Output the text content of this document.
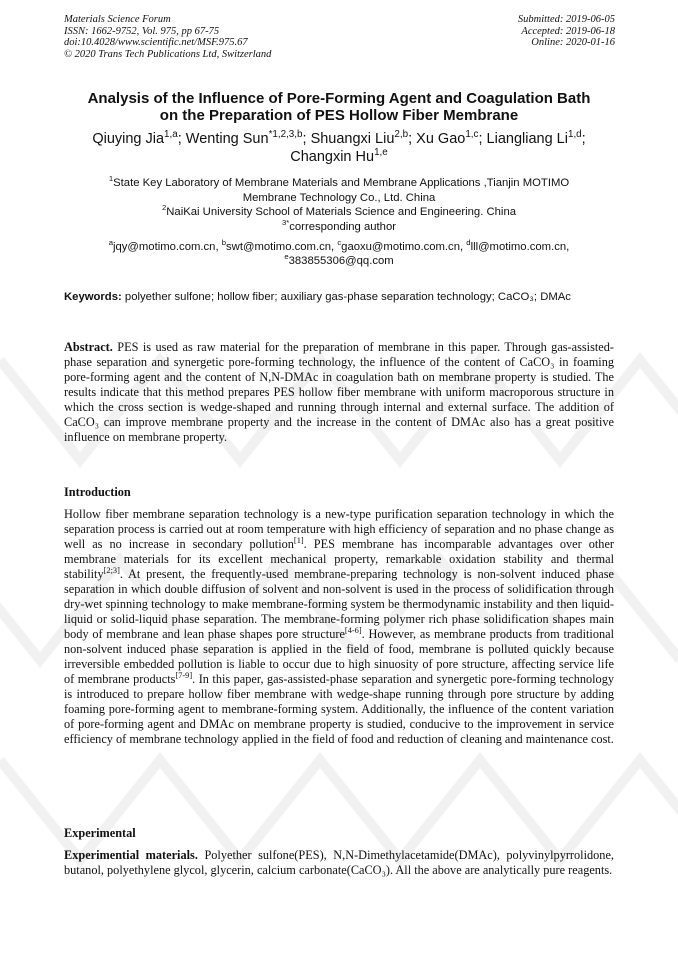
Materials Science Forum
ISSN: 1662-9752, Vol. 975, pp 67-75
doi:10.4028/www.scientific.net/MSF.975.67
© 2020 Trans Tech Publications Ltd, Switzerland
Submitted: 2019-06-05
Accepted: 2019-06-18
Online: 2020-01-16
Analysis of the Influence of Pore-Forming Agent and Coagulation Bath
on the Preparation of PES Hollow Fiber Membrane
Qiuying Jia$^{1,a}$; Wenting Sun$^{*1,2,3,b}$; Shuangxi Liu$^{2,b}$; Xu Gao$^{1,c}$; Liangliang Li$^{1,d}$;
Changxin Hu$^{1,e}$
$^1$State Key Laboratory of Membrane Materials and Membrane Applications ,Tianjin MOTIMO
Membrane Technology Co., Ltd. China
$^2$NaiKai University School of Materials Science and Engineering. China
$^{3*}$corresponding author
$^a$jqy@motimo.com.cn, $^b$swt@motimo.com.cn, $^c$gaoxu@motimo.com.cn, $^d$lll@motimo.com.cn,
$^e$383855306@qq.com
Keywords: polyether sulfone; hollow fiber; auxiliary gas-phase separation technology; CaCO₃; DMAc
Abstract. PES is used as raw material for the preparation of membrane in this paper. Through gas-assisted-phase separation and synergetic pore-forming technology, the influence of the content of CaCO₃ in foaming pore-forming agent and the content of N,N-DMAc in coagulation bath on membrane property is studied. The results indicate that this method prepares PES hollow fiber membrane with uniform macroporous structure in which the cross section is wedge-shaped and running through internal and external surface. The addition of CaCO₃ can improve membrane property and the increase in the content of DMAc also has a great positive influence on membrane property.
Introduction
Hollow fiber membrane separation technology is a new-type purification separation technology in which the separation process is carried out at room temperature with high efficiency of separation and no phase change as well as no increase in secondary pollution[1]. PES membrane has incomparable advantages over other membrane materials for its excellent mechanical property, remarkable oxidation stability and thermal stability[2;3]. At present, the frequently-used membrane-preparing technology is non-solvent induced phase separation in which double diffusion of solvent and non-solvent is used in the process of solidification through dry-wet spinning technology to make membrane-forming system be thermodynamic instability and then liquid-liquid or solid-liquid phase separation. The membrane-forming polymer rich phase solidification shapes main body of membrane and lean phase shapes pore structure[4-6]. However, as membrane products from traditional non-solvent induced phase separation is applied in the field of food, membrane is polluted quickly because irreversible embedded pollution is liable to occur due to high sinuosity of pore structure, affecting service life of membrane products[7-9]. In this paper, gas-assisted-phase separation and synergetic pore-forming technology is introduced to prepare hollow fiber membrane with wedge-shape running through pore structure by adding foaming pore-forming agent to membrane-forming system. Additionally, the influence of the content variation of pore-forming agent and DMAc on membrane property is studied, conducive to the improvement in service efficiency of membrane technology applied in the field of food and reduction of cleaning and maintenance cost.
Experimental
Experimential materials. Polyether sulfone(PES), N,N-Dimethylacetamide(DMAc), polyvinylpyrrolidone, butanol, polyethylene glycol, glycerin, calcium carbonate(CaCO₃). All the above are analytically pure reagents.
